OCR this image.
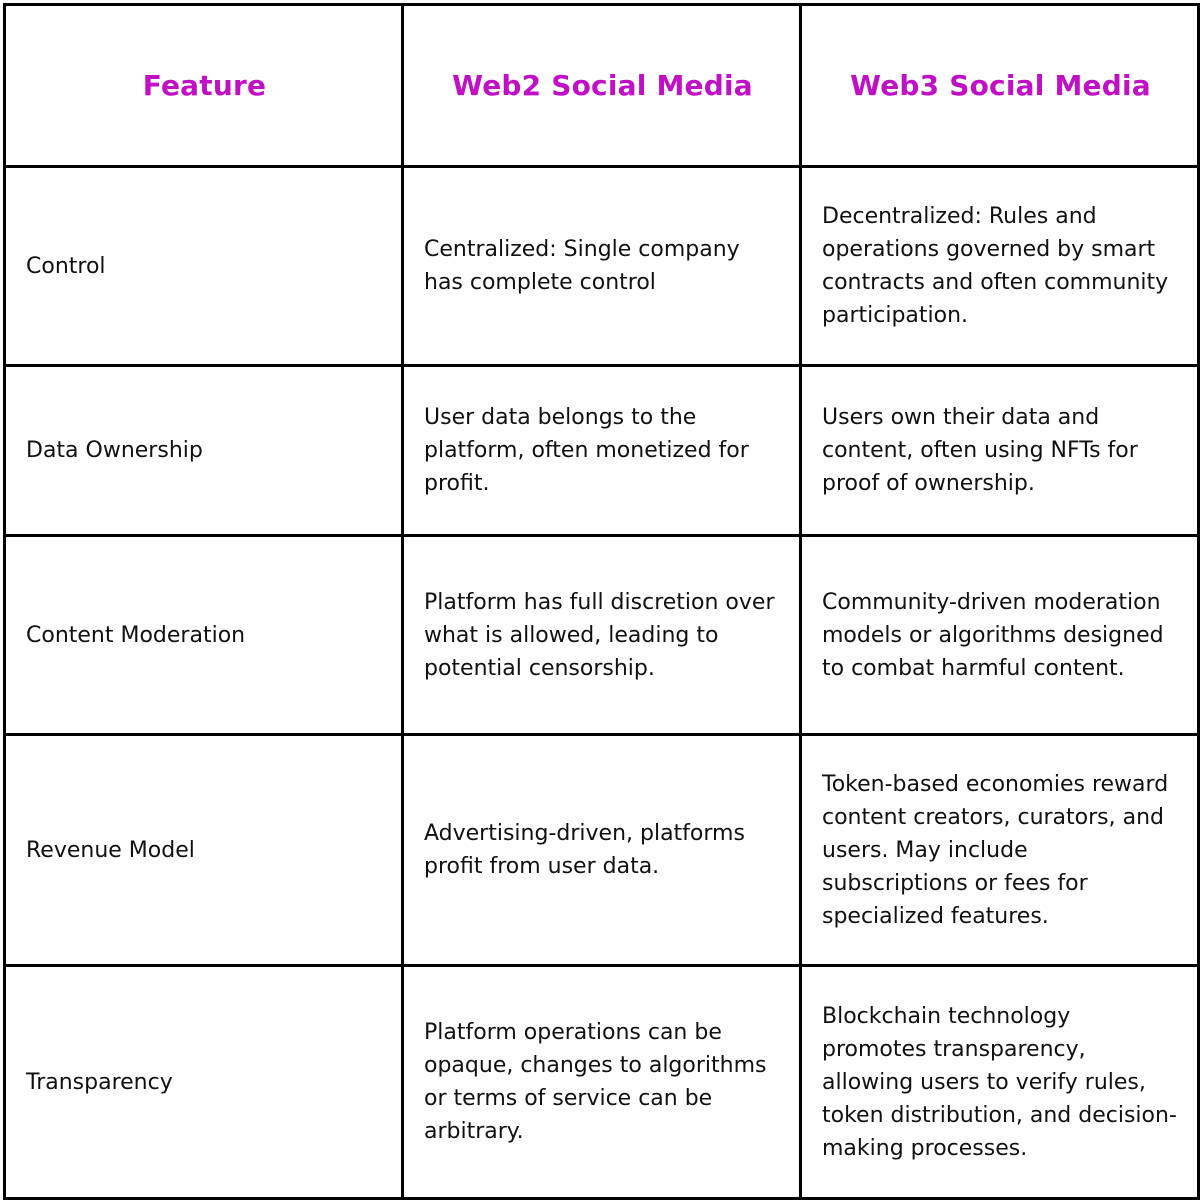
Feature	Web2 Social Media	Web3 Social Media
Control	Centralized: Single company has complete control	Decentralized: Rules and operations governed by smart contracts and often community participation.
Data Ownership	User data belongs to the platform, often monetized for profit.	Users own their data and content, often using NFTs for proof of ownership.
Content Moderation	Platform has full discretion over what is allowed, leading to potential censorship.	Community-driven moderation models or algorithms designed to combat harmful content.
Revenue Model	Advertising-driven, platforms profit from user data.	Token-based economies reward content creators, curators, and users. May include subscriptions or fees for specialized features.
Transparency	Platform operations can be opaque, changes to algorithms or terms of service can be arbitrary.	Blockchain technology promotes transparency, allowing users to verify rules, token distribution, and decision-making processes.
